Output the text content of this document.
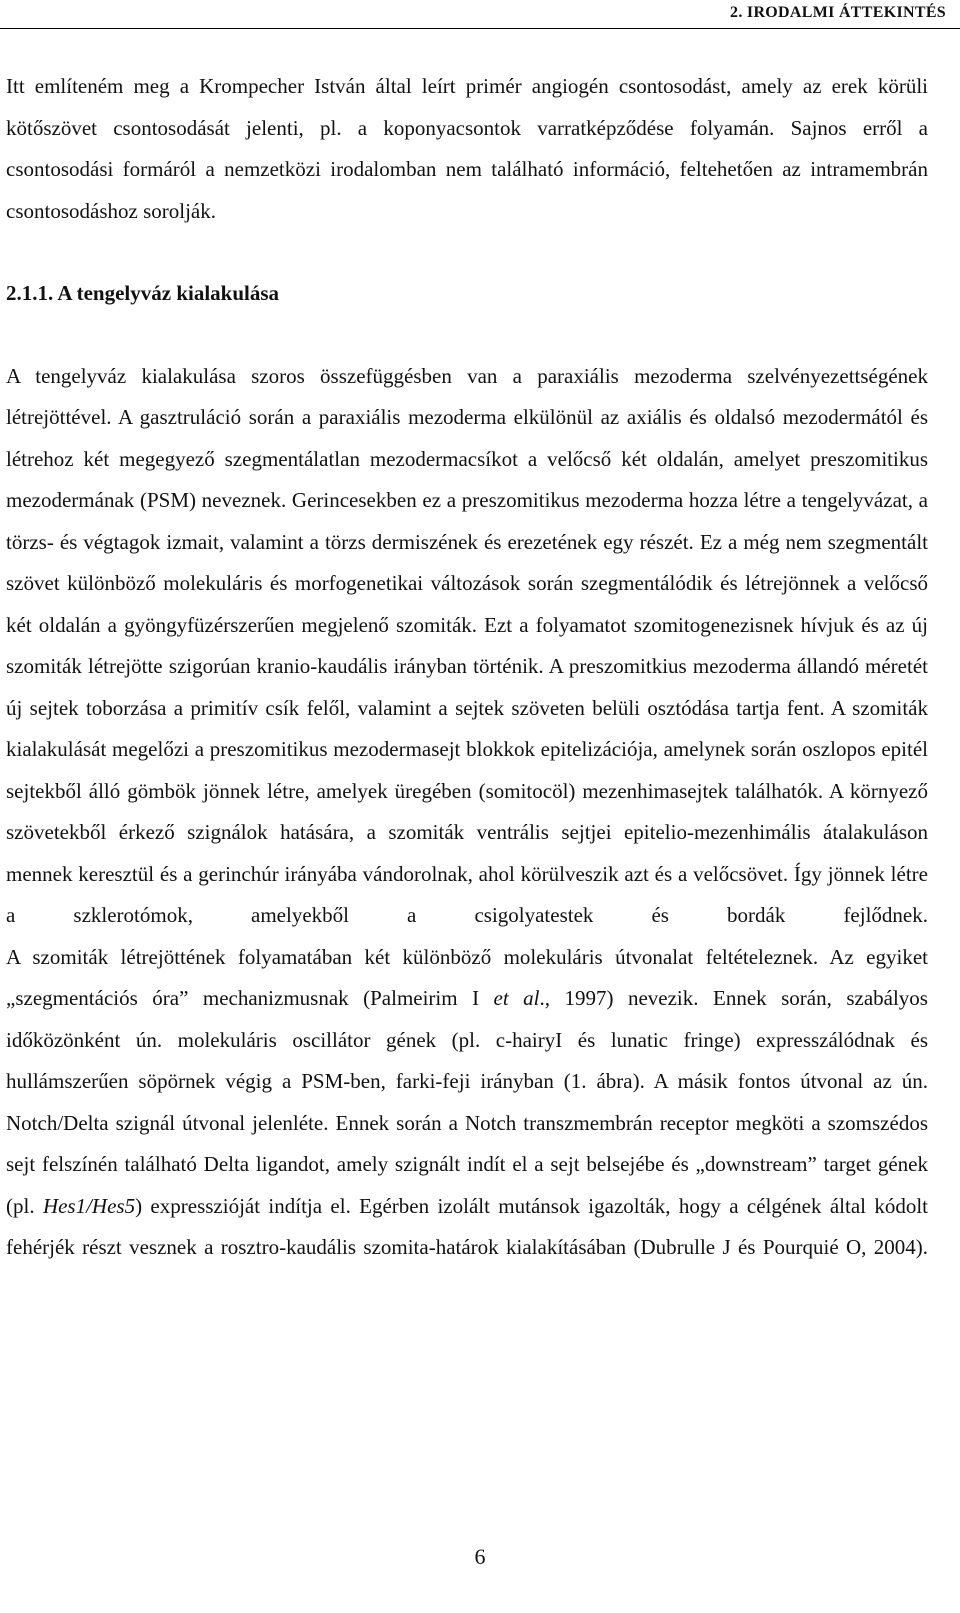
2. IRODALMI ÁTTEKINTÉS

Itt említeném meg a Krompecher István által leírt primér angiogén csontosodást, amely az erek körüli kötőszövet csontosodását jelenti, pl. a koponyacsontok varratképződése folyamán. Sajnos erről a csontosodási formáról a nemzetközi irodalomban nem található információ, feltehetően az intramembrán csontosodáshoz sorolják.

2.1.1. A tengelyváz kialakulása

A tengelyváz kialakulása szoros összefüggésben van a paraxiális mezoderma szelvényezettségének létrejöttével. A gasztruláció során a paraxiális mezoderma elkülönül az axiális és oldalsó mezodermától és létrehoz két megegyező szegmentálatlan mezodermacsíkot a velőcső két oldalán, amelyet preszomitikus mezodermának (PSM) neveznek. Gerincesekben ez a preszomitikus mezoderma hozza létre a tengelyvázat, a törzs- és végtagok izmait, valamint a törzs dermiszének és erezetének egy részét. Ez a még nem szegmentált szövet különböző molekuláris és morfogenetikai változások során szegmentálódik és létrejönnek a velőcső két oldalán a gyöngyfüzérszerűen megjelenő szomiták. Ezt a folyamatot szomitogenezisnek hívjuk és az új szomiták létrejötte szigorúan kranio-kaudális irányban történik. A preszomitkius mezoderma állandó méretét új sejtek toborzása a primitív csík felől, valamint a sejtek szöveten belüli osztódása tartja fent. A szomiták kialakulását megelőzi a preszomitikus mezodermasejt blokkok epitelizációja, amelynek során oszlopos epitél sejtekből álló gömbök jönnek létre, amelyek üregében (somitocöl) mezenhimasejtek találhatók. A környező szövetekből érkező szignálok hatására, a szomiták ventrális sejtjei epitelio-mezenhimális átalakuláson mennek keresztül és a gerinchúr irányába vándorolnak, ahol körülveszik azt és a velőcsövet. Így jönnek létre a szklerotómok, amelyekből a csigolyatestek és bordák fejlődnek.

A szomiták létrejöttének folyamatában két különböző molekuláris útvonalat feltételeznek. Az egyiket „szegmentációs óra” mechanizmusnak (Palmeirim I et al., 1997) nevezik. Ennek során, szabályos időközönként ún. molekuláris oscillátor gének (pl. c-hairyI és lunatic fringe) expresszálódnak és hullámszerűen söpörnek végig a PSM-ben, farki-feji irányban (1. ábra). A másik fontos útvonal az ún. Notch/Delta szignál útvonal jelenléte. Ennek során a Notch transzmembrán receptor megköti a szomszédos sejt felszínén található Delta ligandot, amely szignált indít el a sejt belsejébe és „downstream” target gének (pl. Hes1/Hes5) expresszióját indítja el. Egérben izolált mutánsok igazolták, hogy a célgének által kódolt fehérjék részt vesznek a rosztro-kaudális szomita-határok kialakításában (Dubrulle J és Pourquié O, 2004).

6
